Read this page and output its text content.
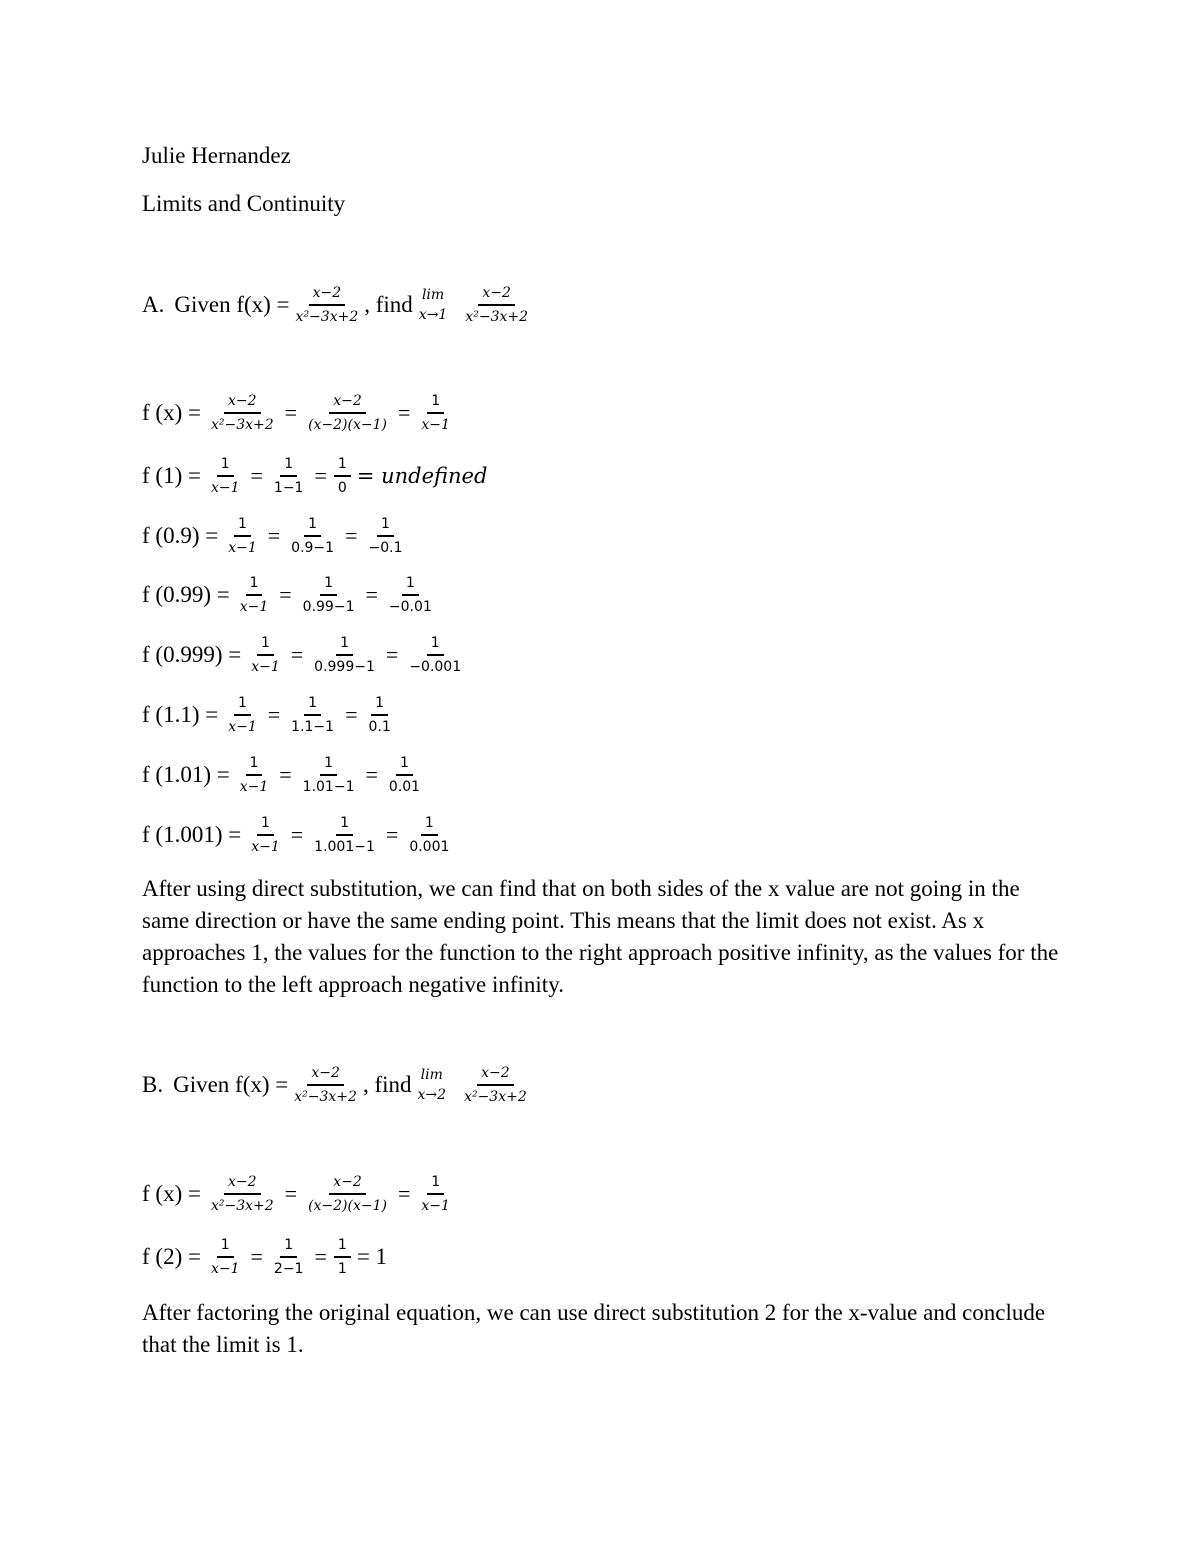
Julie Hernandez
Limits and Continuity
A. Given $f(x) = \frac{x-2}{\text{x²−3x+2}}$ , find lim
$x\to 1 \frac{x-2}{\text{x²−3x+2}}$
f $(x) = \frac{x-2}{\text{x²−3x+2}} = \frac{x-2}{(x-2)(x-1)} = \frac{1}{x-1}$
f $(1) = \frac{1}{x-1} = \frac{1}{1-1} = \frac{1}{0}$ = undefined
f $(0.9) = \frac{1}{x-1} = \frac{1}{0.9-1} = \frac{1}{-0.1}$
f $(0.99) = \frac{1}{x-1} = \frac{1}{0.99-1} = \frac{1}{-0.01}$
f $(0.999) = \frac{1}{x-1} = \frac{1}{0.999-1} = \frac{1}{-0.001}$
f $(1.1) = \frac{1}{x-1} = \frac{1}{1.1-1} = \frac{1}{0.1}$
f $(1.01) = \frac{1}{x-1} = \frac{1}{1.01-1} = \frac{1}{0.01}$
f $(1.001) = \frac{1}{x-1} = \frac{1}{1.001-1} = \frac{1}{0.001}$
After using direct substitution, we can find that on both sides of the x value are not going in the same direction or have the same ending point. This means that the limit does not exist. As x approaches 1, the values for the function to the right approach positive infinity, as the values for the function to the left approach negative infinity.
B. Given $f(x) = \frac{x-2}{\text{x²−3x+2}}$ , find lim
$x\to 2 \frac{x-2}{\text{x²−3x+2}}$
f $(x) = \frac{x-2}{\text{x²−3x+2}} = \frac{x-2}{(x-2)(x-1)} = \frac{1}{x-1}$
f $(2) = \frac{1}{x-1} = \frac{1}{2-1} = \frac{1}{1} = 1$
After factoring the original equation, we can use direct substitution 2 for the x-value and conclude that the limit is 1.
